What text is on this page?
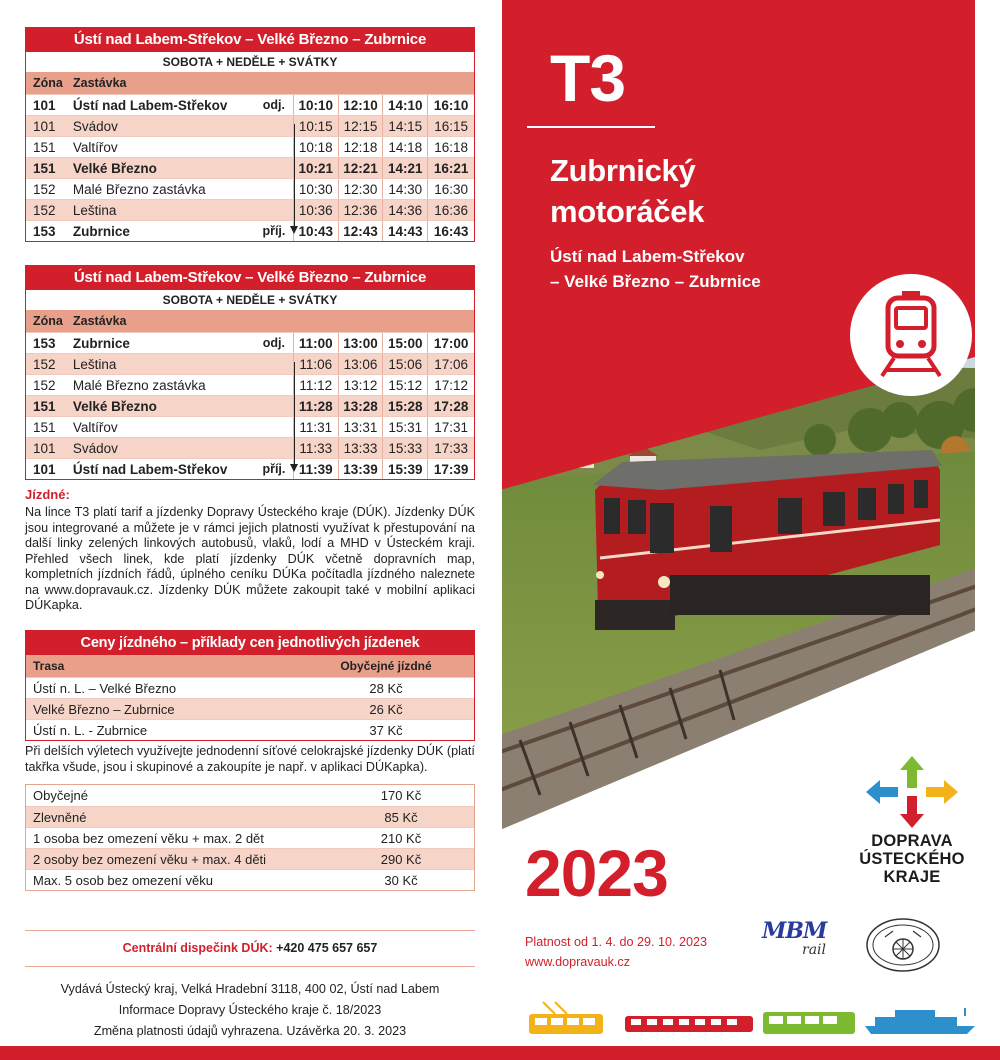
Ústí nad Labem-Střekov – Velké Březno – Zubrnice
SOBOTA + NEDĚLE + SVÁTKY
Zóna Zastávka
101	Ústí nad Labem-Střekov	odj. 10:10 12:10 14:10 16:10
101	Svádov	10:15 12:15 14:15 16:15
151	Valtířov	10:18 12:18 14:18 16:18
151	Velké Březno	10:21 12:21 14:21 16:21
152	Malé Březno zastávka	10:30 12:30 14:30 16:30
152	Leština	10:36 12:36 14:36 16:36
153	Zubrnice	příj. 10:43 12:43 14:43 16:43
Ústí nad Labem-Střekov – Velké Březno – Zubrnice
SOBOTA + NEDĚLE + SVÁTKY
Zóna Zastávka
153	Zubrnice	odj.	11:00 13:00 15:00 17:00
152	Leština	11:06 13:06 15:06 17:06
152	Malé Březno zastávka	11:12 13:12 15:12 17:12
151	Velké Březno	11:28 13:28 15:28 17:28
151	Valtířov	11:31 13:31 15:31 17:31
101	Svádov	11:33 13:33 15:33 17:33
101	Ústí nad Labem-Střekov	příj. 11:39 13:39 15:39 17:39
Jízdné:
Na lince T3 platí tarif a jízdenky Dopravy Ústeckého kraje (DÚK). Jízdenky DÚK jsou integrované a můžete je v rámci jejich platnosti využívat k přestupování na další linky zelených linkových autobusů, vlaků, lodí a MHD v Ústeckém kraji. Přehled všech linek, kde platí jízdenky DÚK včetně dopravních map, kompletních jízdních řádů, úplného ceníku DÚKa počítadla jízdného naleznete na www.dopravauk.cz. Jízdenky DÚK můžete zakoupit také v mobilní aplikaci DÚKapka.
Ceny jízdného – příklady cen jednotlivých jízdenek
Trasa	Obyčejné jízdné
Ústí n. L. – Velké Březno	28 Kč
Velké Březno – Zubrnice	26 Kč
Ústí n. L. - Zubrnice	37 Kč
Při delších výletech využívejte jednodenní síťové celokrajské jízdenky DÚK (platí takřka všude, jsou i skupinové a zakoupíte je např. v aplikaci DÚKapka).
Obyčejné	170 Kč
Zlevněné	85 Kč
1 osoba bez omezení věku + max. 2 dět	210 Kč
2 osoby bez omezení věku + max. 4 děti	290 Kč
Max. 5 osob bez omezení věku	30 Kč
Centrální dispečink DÚK: +420 475 657 657
Vydává Ústecký kraj, Velká Hradební 3118, 400 02, Ústí nad Labem
Informace Dopravy Ústeckého kraje č. 18/2023
Změna platnosti údajů vyhrazena. Uzávěrka 20. 3. 2023
T3
Zubrnický
motoráček
Ústí nad Labem-Střekov
– Velké Březno – Zubrnice
DOPRAVA
ÚSTECKÉHO
KRAJE
2023
Platnost od 1. 4. do 29. 10. 2023
www.dopravauk.cz
MBM
rail
